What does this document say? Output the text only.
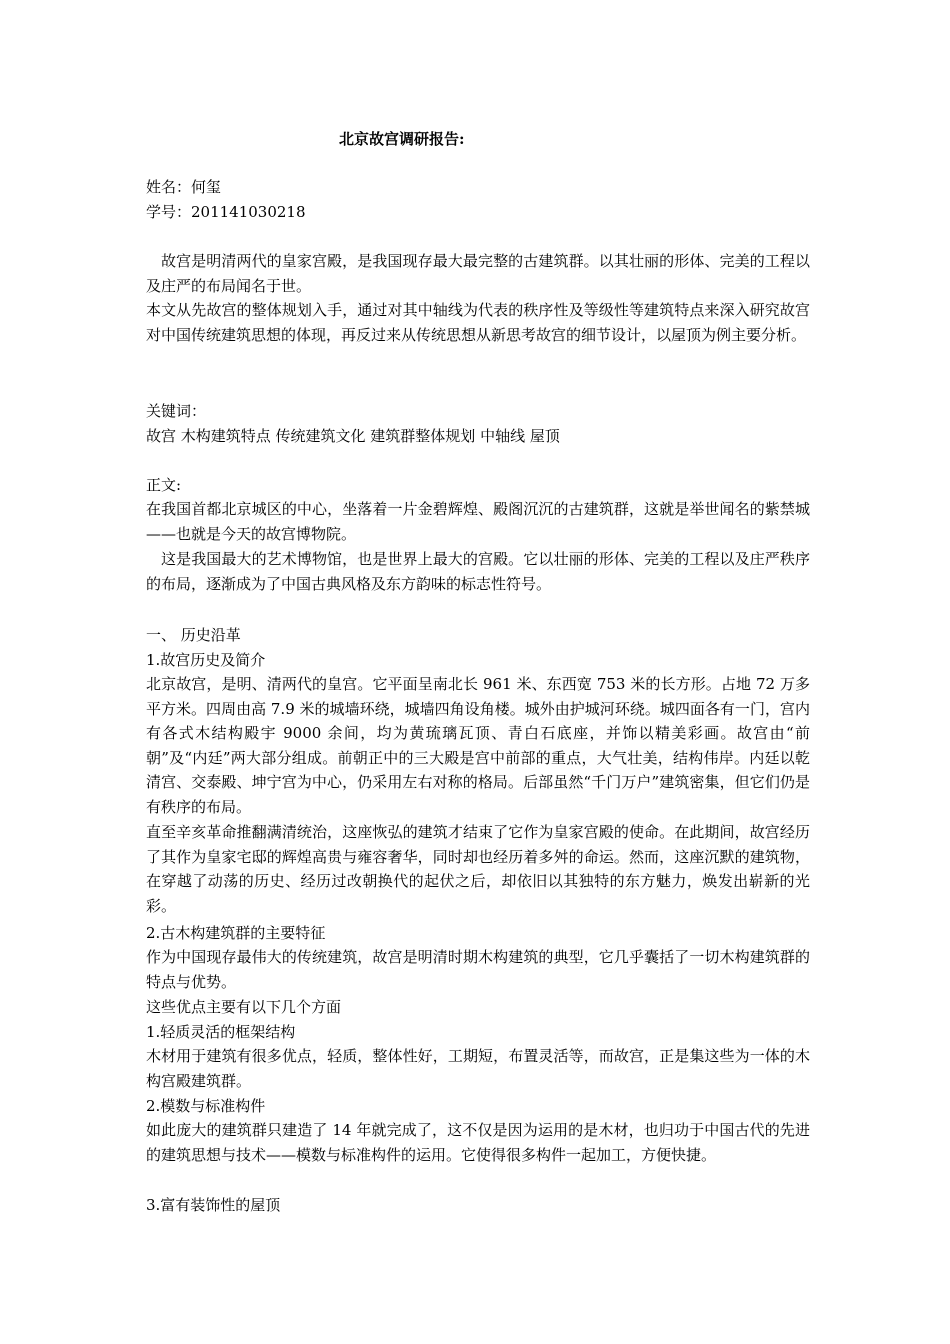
北京故宫调研报告:
姓名：何玺
学号：201141030218
故宫是明清两代的皇家宫殿，是我国现存最大最完整的古建筑群。以其壮丽的形体、完美的工程以及庄严的布局闻名于世。
本文从先故宫的整体规划入手，通过对其中轴线为代表的秩序性及等级性等建筑特点来深入研究故宫对中国传统建筑思想的体现，再反过来从传统思想从新思考故宫的细节设计，以屋顶为例主要分析。
关键词：
故宫 木构建筑特点 传统建筑文化 建筑群整体规划 中轴线 屋顶
正文:
在我国首都北京城区的中心，坐落着一片金碧辉煌、殿阁沉沉的古建筑群，这就是举世闻名的紫禁城——也就是今天的故宫博物院。
这是我国最大的艺术博物馆，也是世界上最大的宫殿。它以壮丽的形体、完美的工程以及庄严秩序的布局，逐渐成为了中国古典风格及东方韵味的标志性符号。
一、 历史沿革
1.故宫历史及简介
北京故宫，是明、清两代的皇宫。它平面呈南北长 961 米、东西宽 753 米的长方形。占地 72 万多平方米。四周由高 7.9 米的城墙环绕，城墙四角设角楼。城外由护城河环绕。城四面各有一门，宫内有各式木结构殿宇 9000 余间，均为黄琉璃瓦顶、青白石底座，并饰以精美彩画。故宫由“前朝”及“内廷”两大部分组成。前朝正中的三大殿是宫中前部的重点，大气壮美，结构伟岸。内廷以乾清宫、交泰殿、坤宁宫为中心，仍采用左右对称的格局。后部虽然“千门万户”建筑密集，但它们仍是有秩序的布局。
直至辛亥革命推翻满清统治，这座恢弘的建筑才结束了它作为皇家宫殿的使命。在此期间，故宫经历了其作为皇家宅邸的辉煌高贵与雍容奢华，同时却也经历着多舛的命运。然而，这座沉默的建筑物，在穿越了动荡的历史、经历过改朝换代的起伏之后，却依旧以其独特的东方魅力，焕发出崭新的光彩。
2.古木构建筑群的主要特征
作为中国现存最伟大的传统建筑，故宫是明清时期木构建筑的典型，它几乎囊括了一切木构建筑群的特点与优势。
这些优点主要有以下几个方面
1.轻质灵活的框架结构
木材用于建筑有很多优点，轻质，整体性好，工期短，布置灵活等，而故宫，正是集这些为一体的木构宫殿建筑群。
2.模数与标准构件
如此庞大的建筑群只建造了 14 年就完成了，这不仅是因为运用的是木材，也归功于中国古代的先进的建筑思想与技术——模数与标准构件的运用。它使得很多构件一起加工，方便快捷。
3.富有装饰性的屋顶
